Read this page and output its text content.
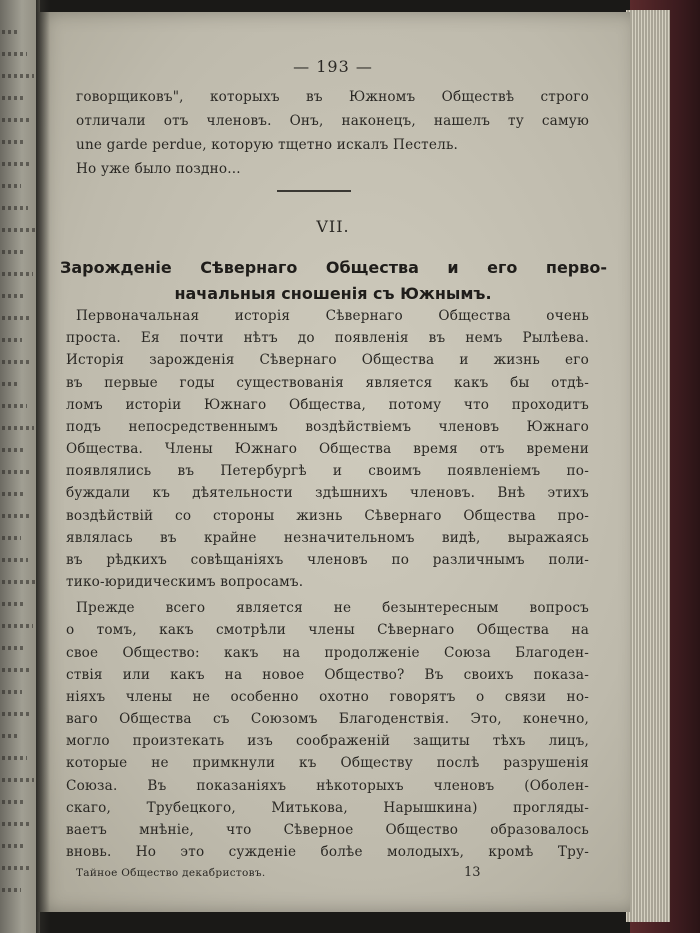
— 193 —
говорщиковъ", которыхъ въ Южномъ Обществѣ строго
отличали отъ членовъ. Онъ, наконецъ, нашелъ ту самую
une garde perdue, которую тщетно искалъ Пестель.
Но уже было поздно...
VII.
Зарожденіе Сѣвернаго Общества и его перво-
начальныя сношенія съ Южнымъ.
Первоначальная исторія Сѣвернаго Общества очень
проста. Ея почти нѣтъ до появленія въ немъ Рылѣева.
Исторія зарожденія Сѣвернаго Общества и жизнь его
въ первые годы существованія является какъ бы отдѣ-
ломъ исторіи Южнаго Общества, потому что проходитъ
подъ непосредственнымъ воздѣйствіемъ членовъ Южнаго
Общества. Члены Южнаго Общества время отъ времени
появлялись въ Петербургѣ и своимъ появленіемъ по-
буждали къ дѣятельности здѣшнихъ членовъ. Внѣ этихъ
воздѣйствій со стороны жизнь Сѣвернаго Общества про-
являлась въ крайне незначительномъ видѣ, выражаясь
въ рѣдкихъ совѣщаніяхъ членовъ по различнымъ поли-
тико-юридическимъ вопросамъ.
Прежде всего является не безынтересным вопросъ
о томъ, какъ смотрѣли члены Сѣвернаго Общества на
свое Общество: какъ на продолженіе Союза Благоден-
ствія или какъ на новое Общество? Въ своихъ показа-
ніяхъ члены не особенно охотно говорятъ о связи но-
ваго Общества съ Союзомъ Благоденствія. Это, конечно,
могло произтекать изъ соображеній защиты тѣхъ лицъ,
которые не примкнули къ Обществу послѣ разрушенія
Союза. Въ показаніяхъ нѣкоторыхъ членовъ (Оболен-
скаго, Трубецкого, Митькова, Нарышкина) прогляды-
ваетъ мнѣніе, что Сѣверное Общество образовалось
вновь. Но это сужденіе болѣе молодыхъ, кромѣ Тру-
Тайное Общество декабристовъ.	13
